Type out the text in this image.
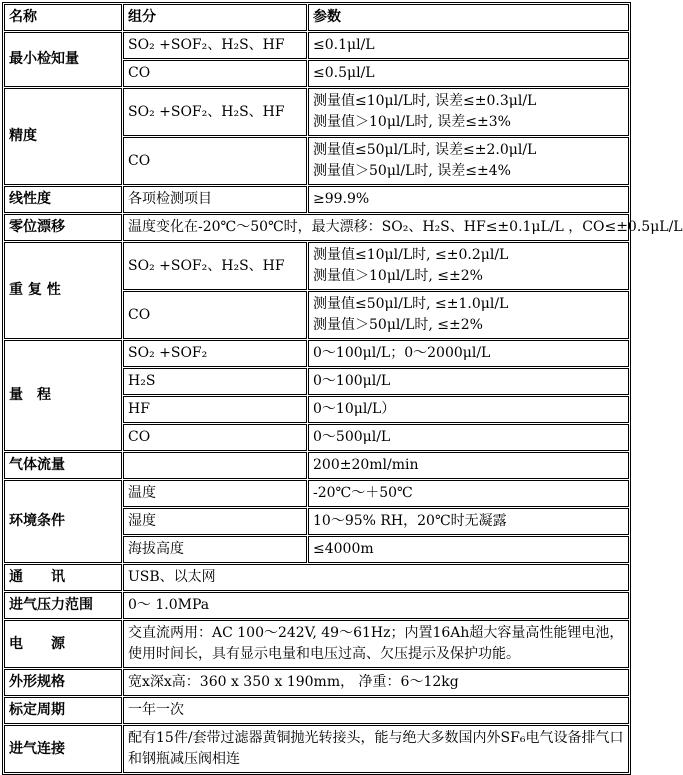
名称	组分	参数
最小检知量	SO₂ +SOF₂、H₂S、HF	≤0.1μl/L
	CO	≤0.5μl/L
精度	SO₂ +SOF₂、H₂S、HF	测量值≤10μl/L时, 误差≤±0.3μl/L
测量值＞10μl/L时, 误差≤±3%

	CO	测量值≤50μl/L时, 误差≤±2.0μl/L
测量值＞50μl/L时, 误差≤±4%

线性度	各项检测项目	≥99.9%
零位漂移	温度变化在-20℃～50℃时，最大漂移：SO₂、H₂S、HF≤±0.1μL/L ，CO≤±0.5μL/L	
重 复 性	SO₂ +SOF₂、H₂S、HF	测量值≤10μl/L时, ≤±0.2μl/L
测量值＞10μl/L时, ≤±2%

	CO	测量值≤50μl/L时, ≤±1.0μl/L
测量值＞50μl/L时, ≤±2%

量　程	SO₂ +SOF₂	0～100μl/L；0～2000μl/L
	H₂S	0～100μl/L
	HF	0～10μl/L）
	CO	0～500μl/L
气体流量		200±20ml/min
环境条件	温度	-20℃～＋50℃
	湿度	10～95% RH，20℃时无凝露
	海拔高度	≤4000m
通　　讯	USB、以太网	
进气压力范围	0～ 1.0MPa	
电　　源	交直流两用：AC 100～242V, 49～61Hz；内置16Ah超大容量高性能锂电池，使用时间长，具有显示电量和电压过高、欠压提示及保护功能。	
外形规格	宽x深x高：360 x 350 x 190mm， 净重：6～12kg	
标定周期	一年一次	
进气连接	配有15件/套带过滤器黄铜抛光转接头，能与绝大多数国内外SF₆电气设备排气口和钢瓶减压阀相连	
